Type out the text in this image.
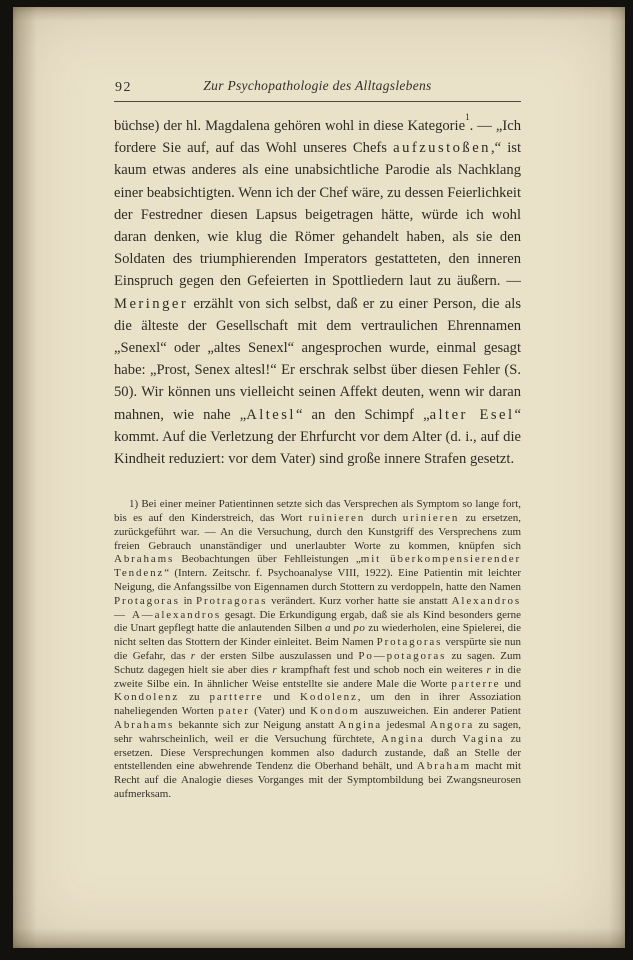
92	Zur Psychopathologie des Alltagslebens

büchse) der hl. Magdalena gehören wohl in diese Kategorie$^1$. — „Ich fordere Sie auf, auf das Wohl unseres Chefs aufzustoßen,“ ist kaum etwas anderes als eine unabsichtliche Parodie als Nachklang einer beabsichtigten. Wenn ich der Chef wäre, zu dessen Feierlichkeit der Festredner diesen Lapsus beigetragen hätte, würde ich wohl daran denken, wie klug die Römer gehandelt haben, als sie den Soldaten des triumphierenden Imperators gestatteten, den inneren Einspruch gegen den Gefeierten in Spottliedern laut zu äußern. — Meringer erzählt von sich selbst, daß er zu einer Person, die als die älteste der Gesellschaft mit dem vertraulichen Ehrennamen „Senexl“ oder „altes Senexl“ angesprochen wurde, einmal gesagt habe: „Prost, Senex altesl!“ Er erschrak selbst über diesen Fehler (S. 50). Wir können uns vielleicht seinen Affekt deuten, wenn wir daran mahnen, wie nahe „Altesl“ an den Schimpf „alter Esel“ kommt. Auf die Verletzung der Ehrfurcht vor dem Alter (d. i., auf die Kindheit reduziert: vor dem Vater) sind große innere Strafen gesetzt.

1) Bei einer meiner Patientinnen setzte sich das Versprechen als Symptom so lange fort, bis es auf den Kinderstreich, das Wort ruinieren durch urinieren zu ersetzen, zurückgeführt war. — An die Versuchung, durch den Kunstgriff des Versprechens zum freien Gebrauch unanständiger und unerlaubter Worte zu kommen, knüpfen sich Abrahams Beobachtungen über Fehlleistungen „mit überkompensierender Tendenz“ (Intern. Zeitschr. f. Psychoanalyse VIII, 1922). Eine Patientin mit leichter Neigung, die Anfangssilbe von Eigennamen durch Stottern zu verdoppeln, hatte den Namen Protagoras in Protragoras verändert. Kurz vorher hatte sie anstatt Alexandros — A—alexandros gesagt. Die Erkundigung ergab, daß sie als Kind besonders gerne die Unart gepflegt hatte die anlautenden Silben a und po zu wiederholen, eine Spielerei, die nicht selten das Stottern der Kinder einleitet. Beim Namen Protagoras verspürte sie nun die Gefahr, das r der ersten Silbe auszulassen und Po—potagoras zu sagen. Zum Schutz dagegen hielt sie aber dies r krampfhaft fest und schob noch ein weiteres r in die zweite Silbe ein. In ähnlicher Weise entstellte sie andere Male die Worte parterre und Kondolenz zu partterre und Kodolenz, um den in ihrer Assoziation naheliegenden Worten pater (Vater) und Kondom auszuweichen. Ein anderer Patient Abrahams bekannte sich zur Neigung anstatt Angina jedesmal Angora zu sagen, sehr wahrscheinlich, weil er die Versuchung fürchtete, Angina durch Vagina zu ersetzen. Diese Versprechungen kommen also dadurch zustande, daß an Stelle der entstellenden eine abwehrende Tendenz die Oberhand behält, und Abraham macht mit Recht auf die Analogie dieses Vorganges mit der Symptombildung bei Zwangsneurosen aufmerksam.
